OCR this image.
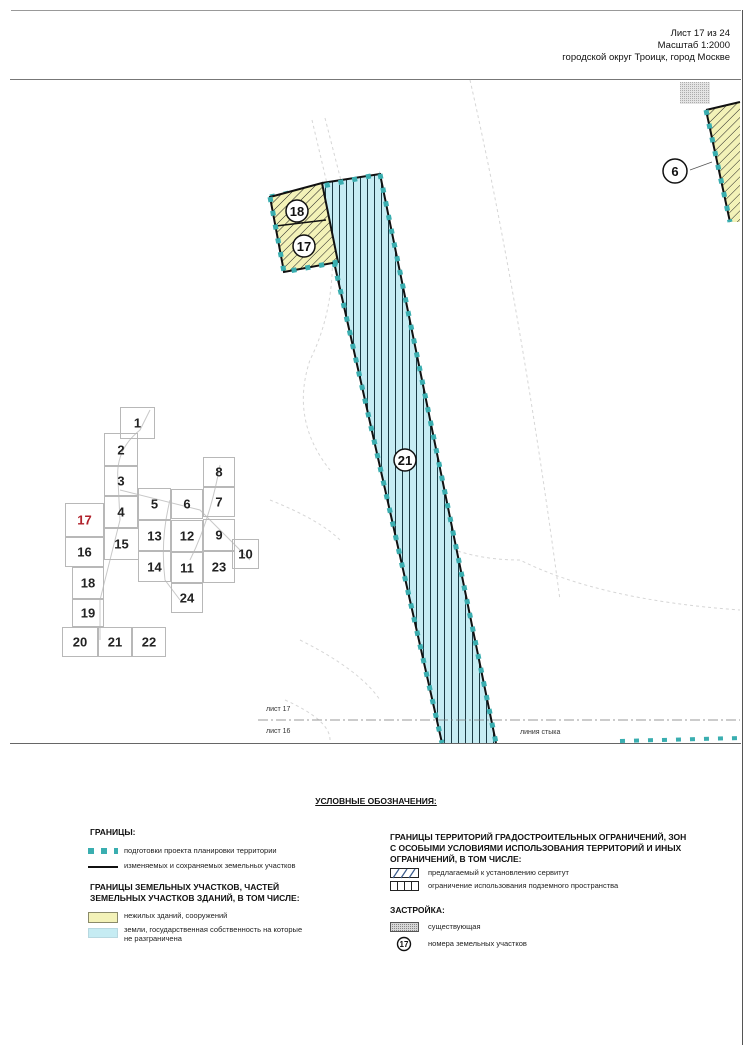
Лист 17 из 24
Масштаб 1:2000
городской округ Троицк, город Москве
18
17
21
6
лист 17
лист 16	линия стыка
1
2
3
4
5 6 7
8
9
10
12
13
15
14 11 23
24
17
16
18
19
20 21 22
УСЛОВНЫЕ ОБОЗНАЧЕНИЯ:
ГРАНИЦЫ:
подготовки проекта планировки территории
изменяемых и сохраняемых земельных участков
ГРАНИЦЫ ЗЕМЕЛЬНЫХ УЧАСТКОВ, ЧАСТЕЙ
ЗЕМЕЛЬНЫХ УЧАСТКОВ ЗДАНИЙ, В ТОМ ЧИСЛЕ:
нежилых зданий, сооружений
земли, государственная собственность на которые
не разграничена
ГРАНИЦЫ ТЕРРИТОРИЙ ГРАДОСТРОИТЕЛЬНЫХ ОГРАНИЧЕНИЙ, ЗОН
С ОСОБЫМИ УСЛОВИЯМИ ИСПОЛЬЗОВАНИЯ ТЕРРИТОРИЙ И ИНЫХ
ОГРАНИЧЕНИЙ, В ТОМ ЧИСЛЕ:
предлагаемый к установлению сервитут
ограничение использования подземного пространства
ЗАСТРОЙКА:
существующая
17	номера земельных участков
